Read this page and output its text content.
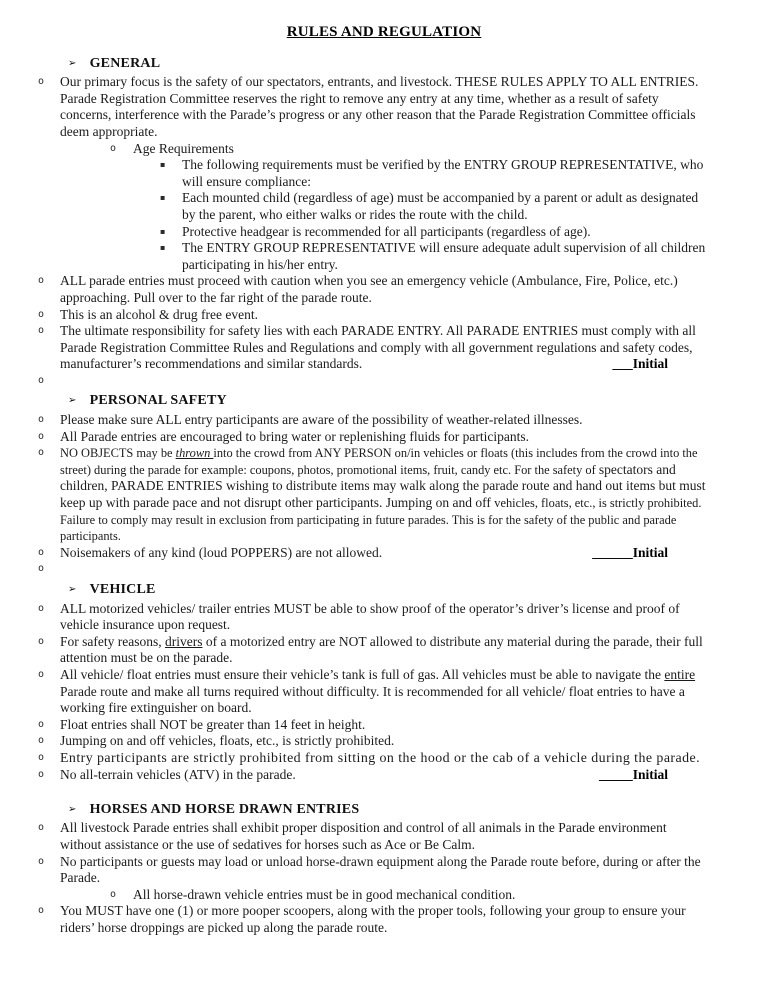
RULES AND REGULATION
➢ GENERAL
o	Our primary focus is the safety of our spectators, entrants, and livestock. THESE RULES APPLY TO ALL ENTRIES. Parade Registration Committee reserves the right to remove any entry at any time, whether as a result of safety concerns, interference with the Parade’s progress or any other reason that the Parade Registration Committee officials deem appropriate.
o	Age Requirements
▪	The following requirements must be verified by the ENTRY GROUP REPRESENTATIVE, who will ensure compliance:
▪	Each mounted child (regardless of age) must be accompanied by a parent or adult as designated by the parent, who either walks or rides the route with the child.
▪	Protective headgear is recommended for all participants (regardless of age).
▪	The ENTRY GROUP REPRESENTATIVE will ensure adequate adult supervision of all children participating in his/her entry.
o	ALL parade entries must proceed with caution when you see an emergency vehicle (Ambulance, Fire, Police, etc.) approaching. Pull over to the far right of the parade route.
o	This is an alcohol & drug free event.
o	The ultimate responsibility for safety lies with each PARADE ENTRY. All PARADE ENTRIES must comply with all Parade Registration Committee Rules and Regulations and comply with all government regulations and safety codes, manufacturer’s recommendations and similar standards.	___Initial
o
➢ PERSONAL SAFETY
o	Please make sure ALL entry participants are aware of the possibility of weather-related illnesses.
o	All Parade entries are encouraged to bring water or replenishing fluids for participants.
o	NO OBJECTS may be thrown into the crowd from ANY PERSON on/in vehicles or floats (this includes from the crowd into the street) during the parade for example: coupons, photos, promotional items, fruit, candy etc. For the safety of spectators and children, PARADE ENTRIES wishing to distribute items may walk along the parade route and hand out items but must keep up with parade pace and not disrupt other participants. Jumping on and off vehicles, floats, etc., is strictly prohibited. Failure to comply may result in exclusion from participating in future parades. This is for the safety of the public and parade participants.
o	Noisemakers of any kind (loud POPPERS) are not allowed.	______Initial
o
➢ VEHICLE
o	ALL motorized vehicles/ trailer entries MUST be able to show proof of the operator’s driver’s license and proof of vehicle insurance upon request.
o	For safety reasons, drivers of a motorized entry are NOT allowed to distribute any material during the parade, their full attention must be on the parade.
o	All vehicle/ float entries must ensure their vehicle’s tank is full of gas. All vehicles must be able to navigate the entire Parade route and make all turns required without difficulty. It is recommended for all vehicle/ float entries to have a working fire extinguisher on board.
o	Float entries shall NOT be greater than 14 feet in height.
o	Jumping on and off vehicles, floats, etc., is strictly prohibited.
o	Entry participants are strictly prohibited from sitting on the hood or the cab of a vehicle during the parade.
o	No all-terrain vehicles (ATV) in the parade.	_____Initial
➢ HORSES AND HORSE DRAWN ENTRIES
o	All livestock Parade entries shall exhibit proper disposition and control of all animals in the Parade environment without assistance or the use of sedatives for horses such as Ace or Be Calm.
o	No participants or guests may load or unload horse-drawn equipment along the Parade route before, during or after the Parade.
o	All horse-drawn vehicle entries must be in good mechanical condition.
o	You MUST have one (1) or more pooper scoopers, along with the proper tools, following your group to ensure your riders’ horse droppings are picked up along the parade route.
